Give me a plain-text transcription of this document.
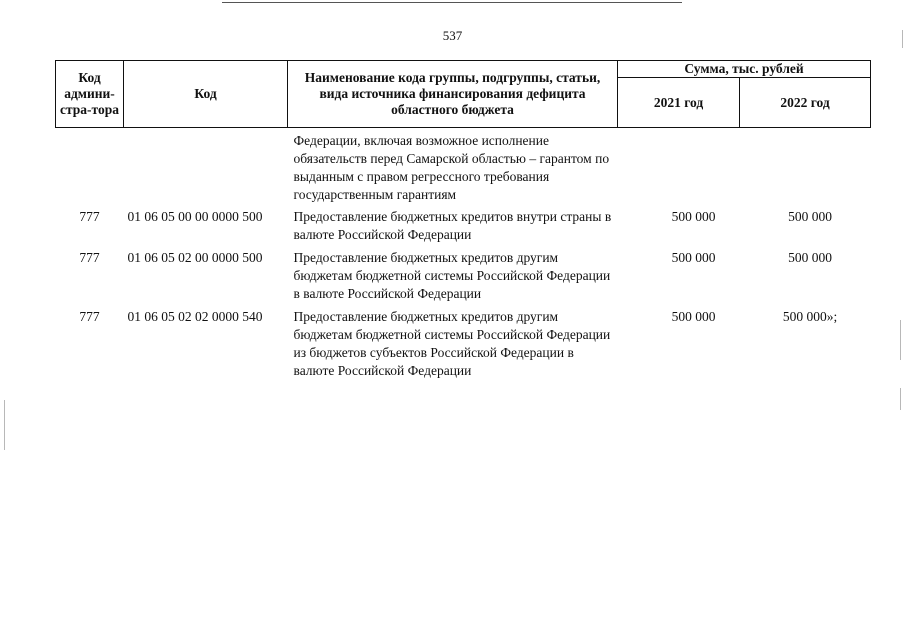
537
Код админи-стра-тора	Код	Наименование кода группы, подгруппы, статьи, вида источника финансирования дефицита областного бюджета	Сумма, тыс. рублей	
			2021 год	2022 год
		Федерации, включая возможное исполнение обязательств перед Самарской областью – гарантом по выданным с правом регрессного требования государственным гарантиям		
777	01 06 05 00 00 0000 500	Предоставление бюджетных кредитов внутри страны в валюте Российской Федерации	500 000	500 000
777	01 06 05 02 00 0000 500	Предоставление бюджетных кредитов другим бюджетам бюджетной системы Российской Федерации в валюте Российской Федерации	500 000	500 000
777	01 06 05 02 02 0000 540	Предоставление бюджетных кредитов другим бюджетам бюджетной системы Российской Федерации из бюджетов субъектов Российской Федерации в валюте Российской Федерации	500 000	500 000»;
